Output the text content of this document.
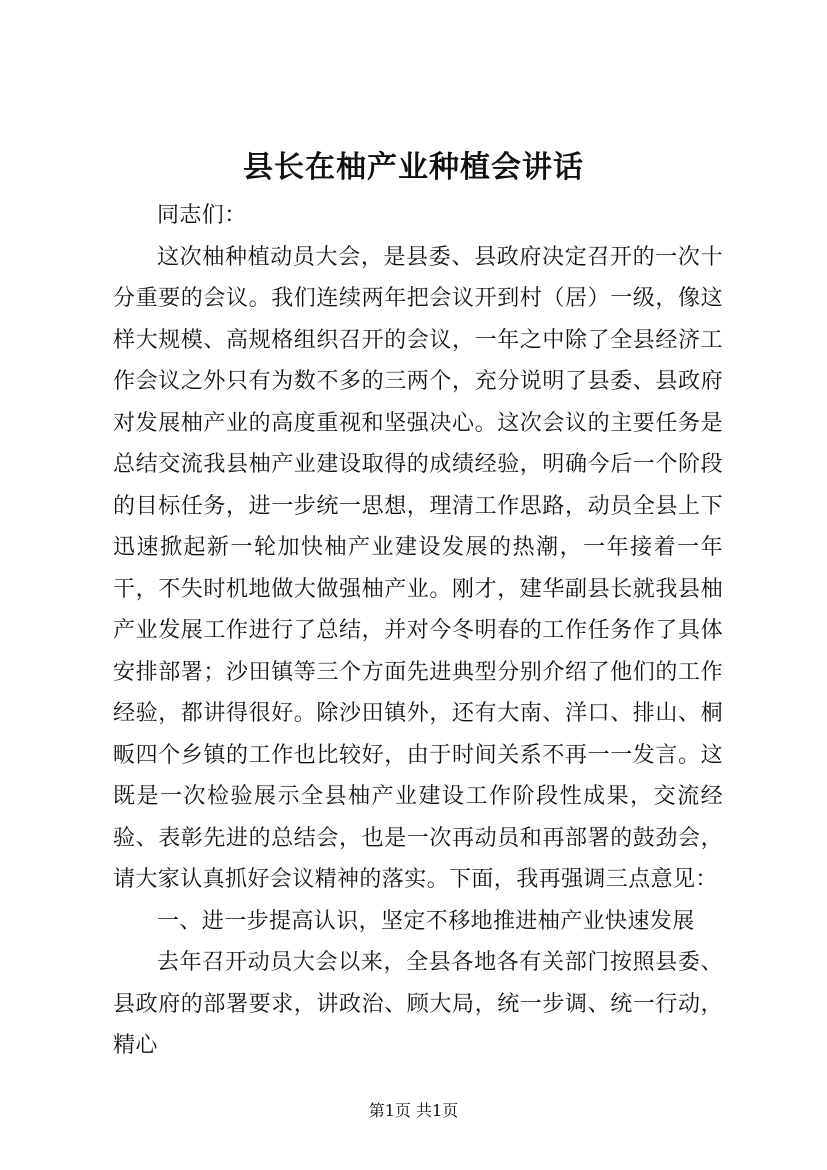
县长在柚产业种植会讲话

同志们：

这次柚种植动员大会，是县委、县政府决定召开的一次十分重要的会议。我们连续两年把会议开到村（居）一级，像这样大规模、高规格组织召开的会议，一年之中除了全县经济工作会议之外只有为数不多的三两个，充分说明了县委、县政府对发展柚产业的高度重视和坚强决心。这次会议的主要任务是总结交流我县柚产业建设取得的成绩经验，明确今后一个阶段的目标任务，进一步统一思想，理清工作思路，动员全县上下迅速掀起新一轮加快柚产业建设发展的热潮，一年接着一年干，不失时机地做大做强柚产业。刚才，建华副县长就我县柚产业发展工作进行了总结，并对今冬明春的工作任务作了具体安排部署；沙田镇等三个方面先进典型分别介绍了他们的工作经验，都讲得很好。除沙田镇外，还有大南、洋口、排山、桐畈四个乡镇的工作也比较好，由于时间关系不再一一发言。这既是一次检验展示全县柚产业建设工作阶段性成果，交流经验、表彰先进的总结会，也是一次再动员和再部署的鼓劲会，请大家认真抓好会议精神的落实。下面，我再强调三点意见：

一、进一步提高认识，坚定不移地推进柚产业快速发展

去年召开动员大会以来，全县各地各有关部门按照县委、县政府的部署要求，讲政治、顾大局，统一步调、统一行动，精心

第1页 共1页
